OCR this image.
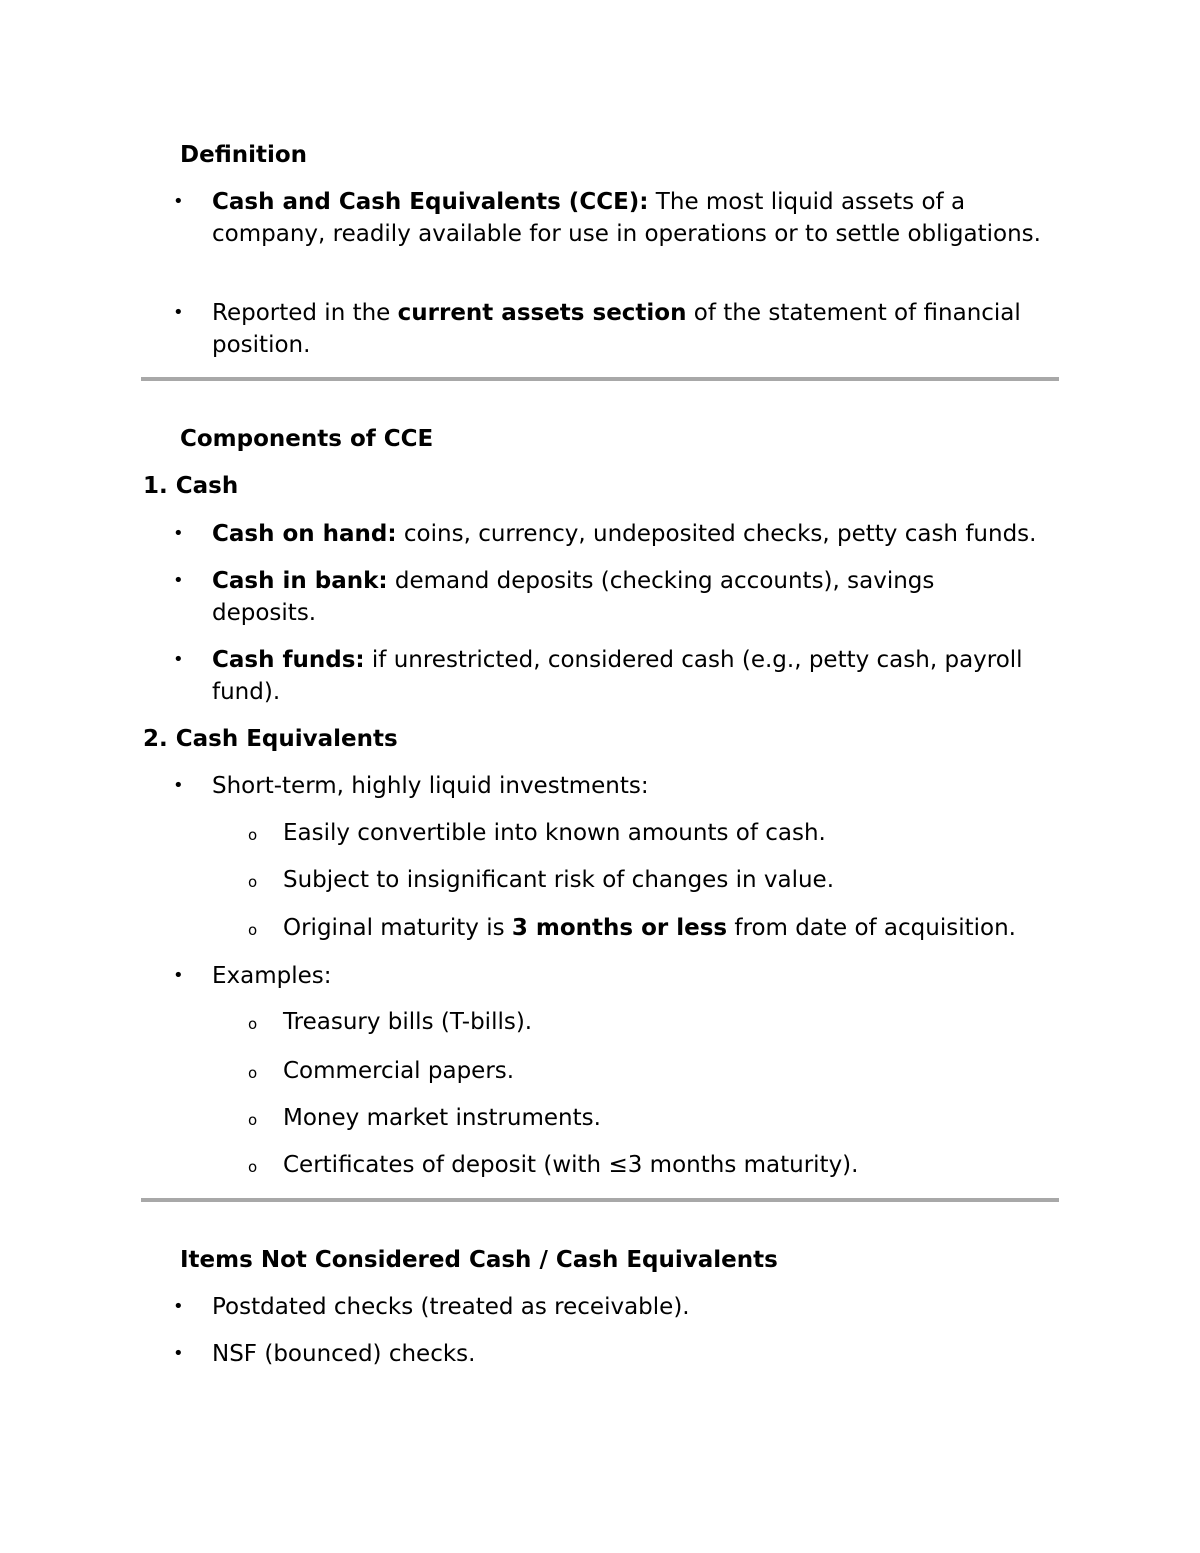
Definition
• Cash and Cash Equivalents (CCE): The most liquid assets of a company, readily available for use in operations or to settle obligations.
• Reported in the current assets section of the statement of financial position.
Components of CCE
1. Cash
• Cash on hand: coins, currency, undeposited checks, petty cash funds.
• Cash in bank: demand deposits (checking accounts), savings deposits.
• Cash funds: if unrestricted, considered cash (e.g., petty cash, payroll fund).
2. Cash Equivalents
• Short-term, highly liquid investments:
o Easily convertible into known amounts of cash.
o Subject to insignificant risk of changes in value.
o Original maturity is 3 months or less from date of acquisition.
• Examples:
o Treasury bills (T-bills).
o Commercial papers.
o Money market instruments.
o Certificates of deposit (with ≤3 months maturity).
Items Not Considered Cash / Cash Equivalents
• Postdated checks (treated as receivable).
• NSF (bounced) checks.
